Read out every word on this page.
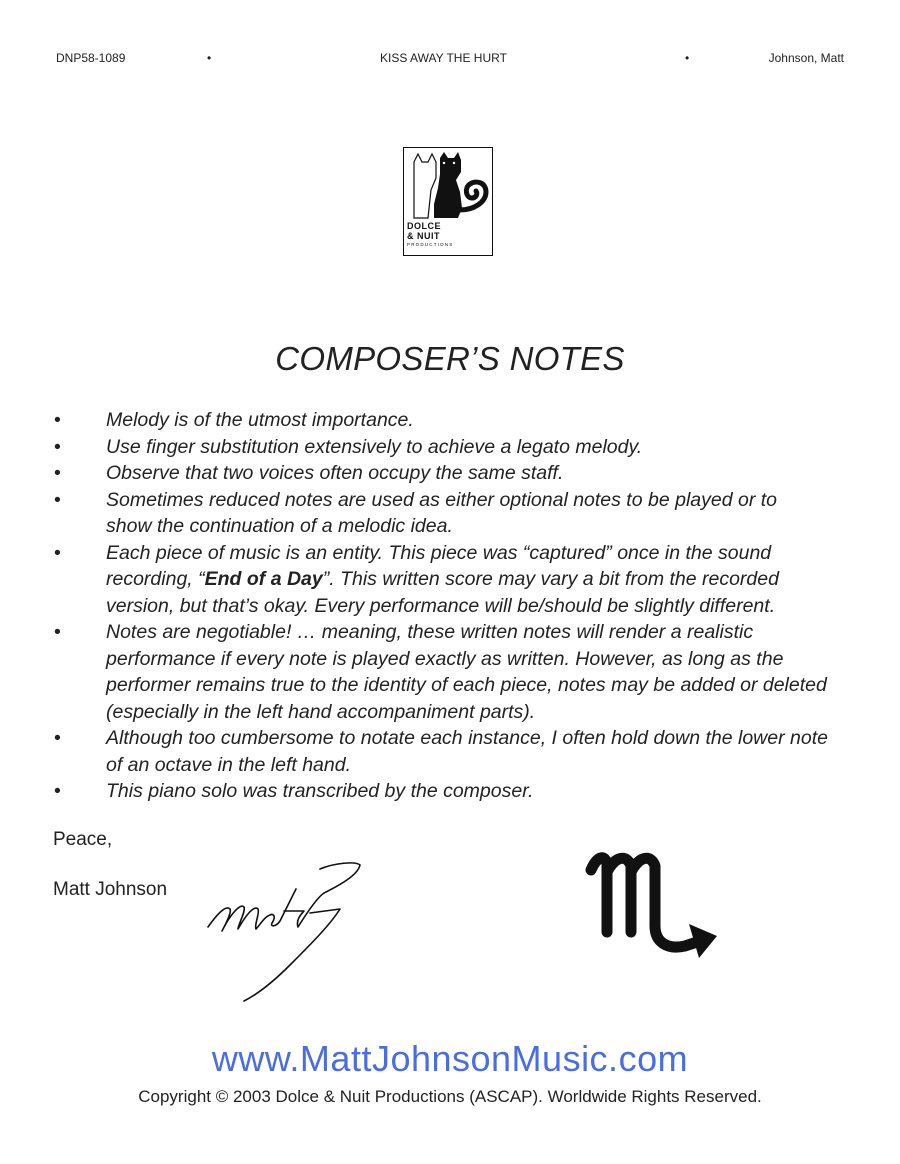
DNP58-1089	•	KISS AWAY THE HURT	•	Johnson, Matt
DOLCE
& NUIT
PRODUCTIONS
COMPOSER’S NOTES
• Melody is of the utmost importance.
• Use finger substitution extensively to achieve a legato melody.
• Observe that two voices often occupy the same staff.
• Sometimes reduced notes are used as either optional notes to be played or to show the continuation of a melodic idea.
• Each piece of music is an entity. This piece was “captured” once in the sound recording, “End of a Day”. This written score may vary a bit from the recorded version, but that’s okay. Every performance will be/should be slightly different.
• Notes are negotiable! … meaning, these written notes will render a realistic performance if every note is played exactly as written. However, as long as the performer remains true to the identity of each piece, notes may be added or deleted (especially in the left hand accompaniment parts).
• Although too cumbersome to notate each instance, I often hold down the lower note of an octave in the left hand.
• This piano solo was transcribed by the composer.
Peace,
Matt Johnson
www.MattJohnsonMusic.com
Copyright © 2003 Dolce & Nuit Productions (ASCAP). Worldwide Rights Reserved.
